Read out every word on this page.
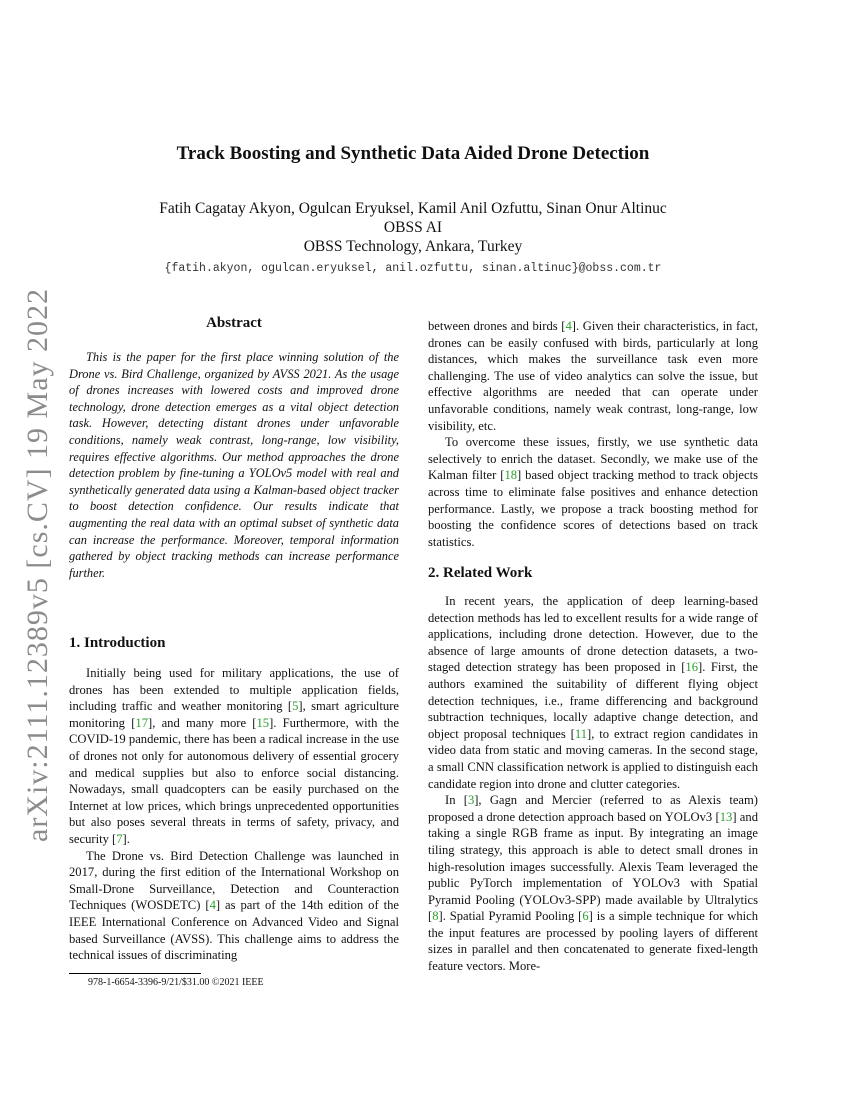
arXiv:2111.12389v5 [cs.CV] 19 May 2022
Track Boosting and Synthetic Data Aided Drone Detection
Fatih Cagatay Akyon, Ogulcan Eryuksel, Kamil Anil Ozfuttu, Sinan Onur Altinuc
OBSS AI
OBSS Technology, Ankara, Turkey
{fatih.akyon, ogulcan.eryuksel, anil.ozfuttu, sinan.altinuc}@obss.com.tr
Abstract

This is the paper for the first place winning solution of the Drone vs. Bird Challenge, organized by AVSS 2021. As the usage of drones increases with lowered costs and improved drone technology, drone detection emerges as a vital object detection task. However, detecting distant drones under unfavorable conditions, namely weak contrast, long-range, low visibility, requires effective algorithms. Our method approaches the drone detection problem by fine-tuning a YOLOv5 model with real and synthetically generated data using a Kalman-based object tracker to boost detection confidence. Our results indicate that augmenting the real data with an optimal subset of synthetic data can increase the performance. Moreover, temporal information gathered by object tracking methods can increase performance further.

1. Introduction

Initially being used for military applications, the use of drones has been extended to multiple application fields, including traffic and weather monitoring [5], smart agriculture monitoring [17], and many more [15]. Furthermore, with the COVID-19 pandemic, there has been a radical increase in the use of drones not only for autonomous delivery of essential grocery and medical supplies but also to enforce social distancing. Nowadays, small quadcopters can be easily purchased on the Internet at low prices, which brings unprecedented opportunities but also poses several threats in terms of safety, privacy, and security [7].

The Drone vs. Bird Detection Challenge was launched in 2017, during the first edition of the International Workshop on Small-Drone Surveillance, Detection and Counteraction Techniques (WOSDETC) [4] as part of the 14th edition of the IEEE International Conference on Advanced Video and Signal based Surveillance (AVSS). This challenge aims to address the technical issues of discriminating

between drones and birds [4]. Given their characteristics, in fact, drones can be easily confused with birds, particularly at long distances, which makes the surveillance task even more challenging. The use of video analytics can solve the issue, but effective algorithms are needed that can operate under unfavorable conditions, namely weak contrast, long-range, low visibility, etc.

To overcome these issues, firstly, we use synthetic data selectively to enrich the dataset. Secondly, we make use of the Kalman filter [18] based object tracking method to track objects across time to eliminate false positives and enhance detection performance. Lastly, we propose a track boosting method for boosting the confidence scores of detections based on track statistics.

2. Related Work

In recent years, the application of deep learning-based detection methods has led to excellent results for a wide range of applications, including drone detection. However, due to the absence of large amounts of drone detection datasets, a two-staged detection strategy has been proposed in [16]. First, the authors examined the suitability of different flying object detection techniques, i.e., frame differencing and background subtraction techniques, locally adaptive change detection, and object proposal techniques [11], to extract region candidates in video data from static and moving cameras. In the second stage, a small CNN classification network is applied to distinguish each candidate region into drone and clutter categories.

In [3], Gagn and Mercier (referred to as Alexis team) proposed a drone detection approach based on YOLOv3 [13] and taking a single RGB frame as input. By integrating an image tiling strategy, this approach is able to detect small drones in high-resolution images successfully. Alexis Team leveraged the public PyTorch implementation of YOLOv3 with Spatial Pyramid Pooling (YOLOv3-SPP) made available by Ultralytics [8]. Spatial Pyramid Pooling [6] is a simple technique for which the input features are processed by pooling layers of different sizes in parallel and then concatenated to generate fixed-length feature vectors. More-

978-1-6654-3396-9/21/$31.00 ©2021 IEEE
